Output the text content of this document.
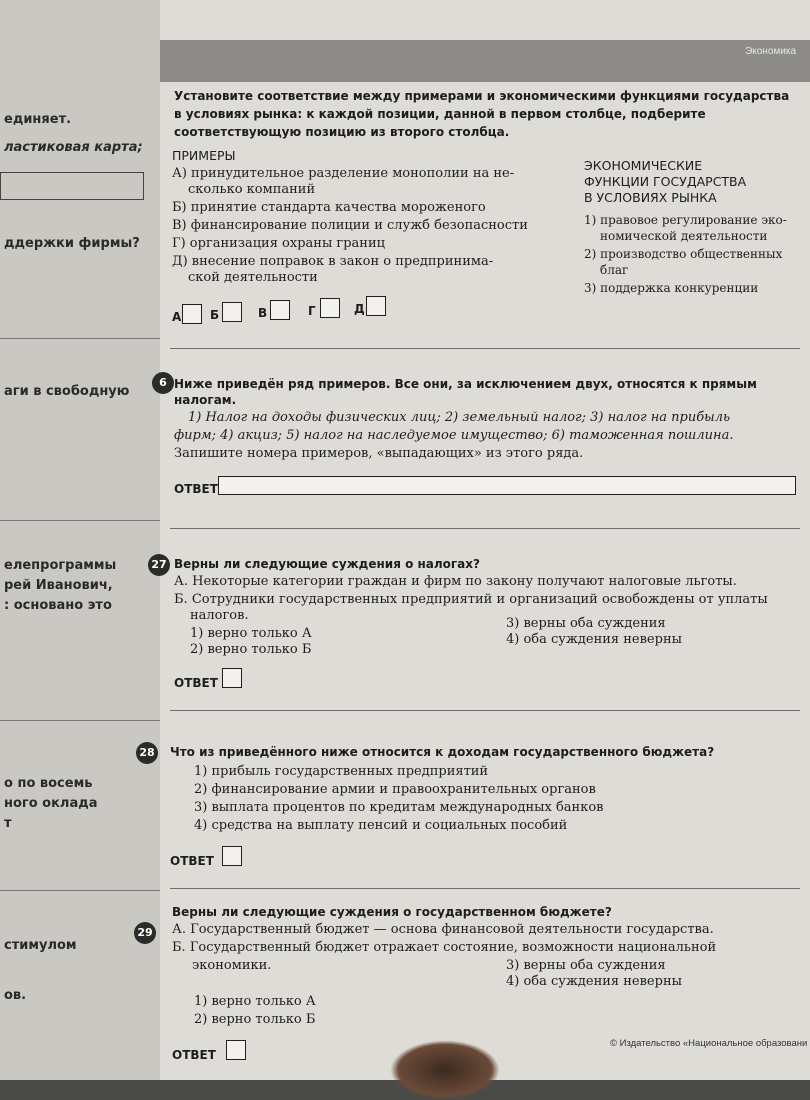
единяет.
ластиковая карта;
ддержки фирмы?
аги в свободную
елепрограммы
рей Иванович,
: основано это
о по восемь
ного оклада
т
стимулом
ов.
Экономика
Установите соответствие между примерами и экономическими функциями государства
в условиях рынка: к каждой позиции, данной в первом столбце, подберите
соответствующую позицию из второго столбца.
ПРИМЕРЫ
А) принудительное разделение монополии на не-
сколько компаний
Б) принятие стандарта качества мороженого
В) финансирование полиции и служб безопасности
Г) организация охраны границ
Д) внесение поправок в закон о предпринима-
ской деятельности
ЭКОНОМИЧЕСКИЕ
ФУНКЦИИ ГОСУДАРСТВА
В УСЛОВИЯХ РЫНКА
1) правовое регулирование эко-
номической деятельности
2) производство общественных
благ
3) поддержка конкуренции
А Б	В	Г	Д
6 Ниже приведён ряд примеров. Все они, за исключением двух, относятся к прямым
налогам.
1) Налог на доходы физических лиц; 2) земельный налог; 3) налог на прибыль
фирм; 4) акциз; 5) налог на наследуемое имущество; 6) таможенная пошлина.
Запишите номера примеров, «выпадающих» из этого ряда.
ОТВЕТ
27 Верны ли следующие суждения о налогах?
А. Некоторые категории граждан и фирм по закону получают налоговые льготы.
Б. Сотрудники государственных предприятий и организаций освобождены от уплаты
налогов.
1) верно только А
2) верно только Б
3) верны оба суждения
4) оба суждения неверны
ОТВЕТ
28 Что из приведённого ниже относится к доходам государственного бюджета?
1) прибыль государственных предприятий
2) финансирование армии и правоохранительных органов
3) выплата процентов по кредитам международных банков
4) средства на выплату пенсий и социальных пособий
ОТВЕТ
29
Верны ли следующие суждения о государственном бюджете?
А. Государственный бюджет — основа финансовой деятельности государства.
Б. Государственный бюджет отражает состояние, возможности национальной
экономики.
1) верно только А
2) верно только Б
3) верны оба суждения
4) оба суждения неверны
ОТВЕТ
© Издательство «Национальное образовани
